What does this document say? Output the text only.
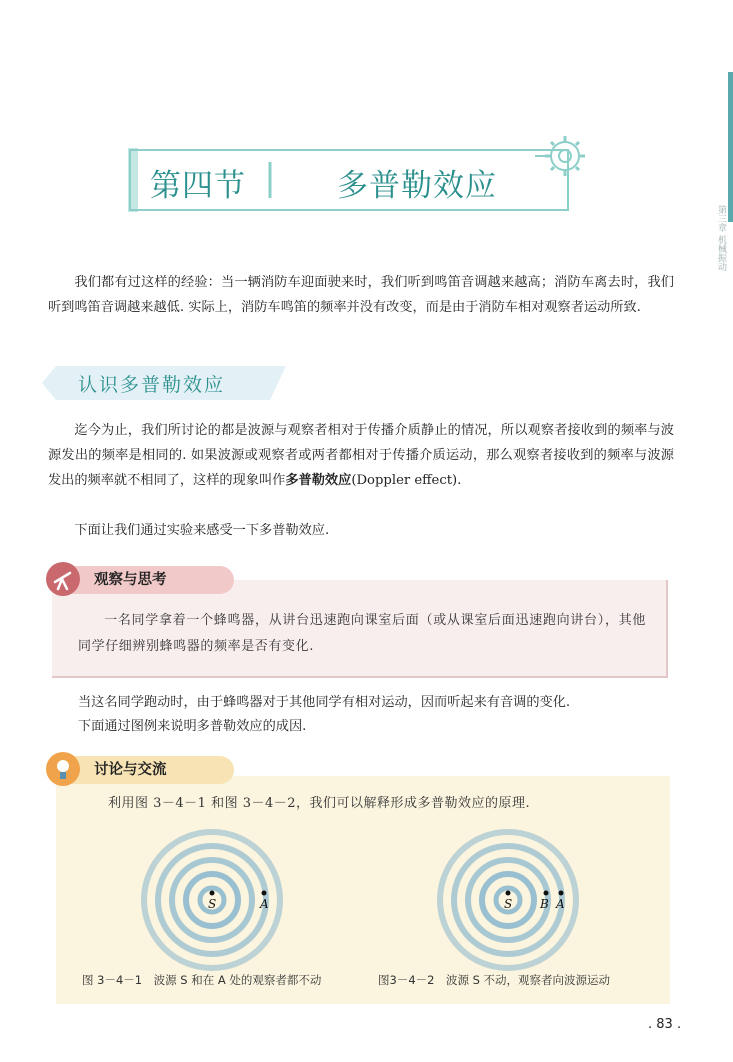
第三章 机械振动
第四节	多普勒效应
我们都有过这样的经验：当一辆消防车迎面驶来时，我们听到鸣笛音调越来越高；消防车离去时，我们听到鸣笛音调越来越低. 实际上，消防车鸣笛的频率并没有改变，而是由于消防车相对观察者运动所致.
认识多普勒效应
迄今为止，我们所讨论的都是波源与观察者相对于传播介质静止的情况，所以观察者接收到的频率与波源发出的频率是相同的. 如果波源或观察者或两者都相对于传播介质运动，那么观察者接收到的频率与波源发出的频率就不相同了，这样的现象叫作多普勒效应(Doppler effect).
下面让我们通过实验来感受一下多普勒效应.
观察与思考
一名同学拿着一个蜂鸣器，从讲台迅速跑向课室后面（或从课室后面迅速跑向讲台），其他同学仔细辨别蜂鸣器的频率是否有变化.
当这名同学跑动时，由于蜂鸣器对于其他同学有相对运动，因而听起来有音调的变化.
下面通过图例来说明多普勒效应的成因.
讨论与交流
利用图 3－4－1 和图 3－4－2，我们可以解释形成多普勒效应的原理.
S	A	S B A
图 3－4－1　波源 S 和在 A 处的观察者都不动	图3－4－2　波源 S 不动，观察者向波源运动
. 83 .
